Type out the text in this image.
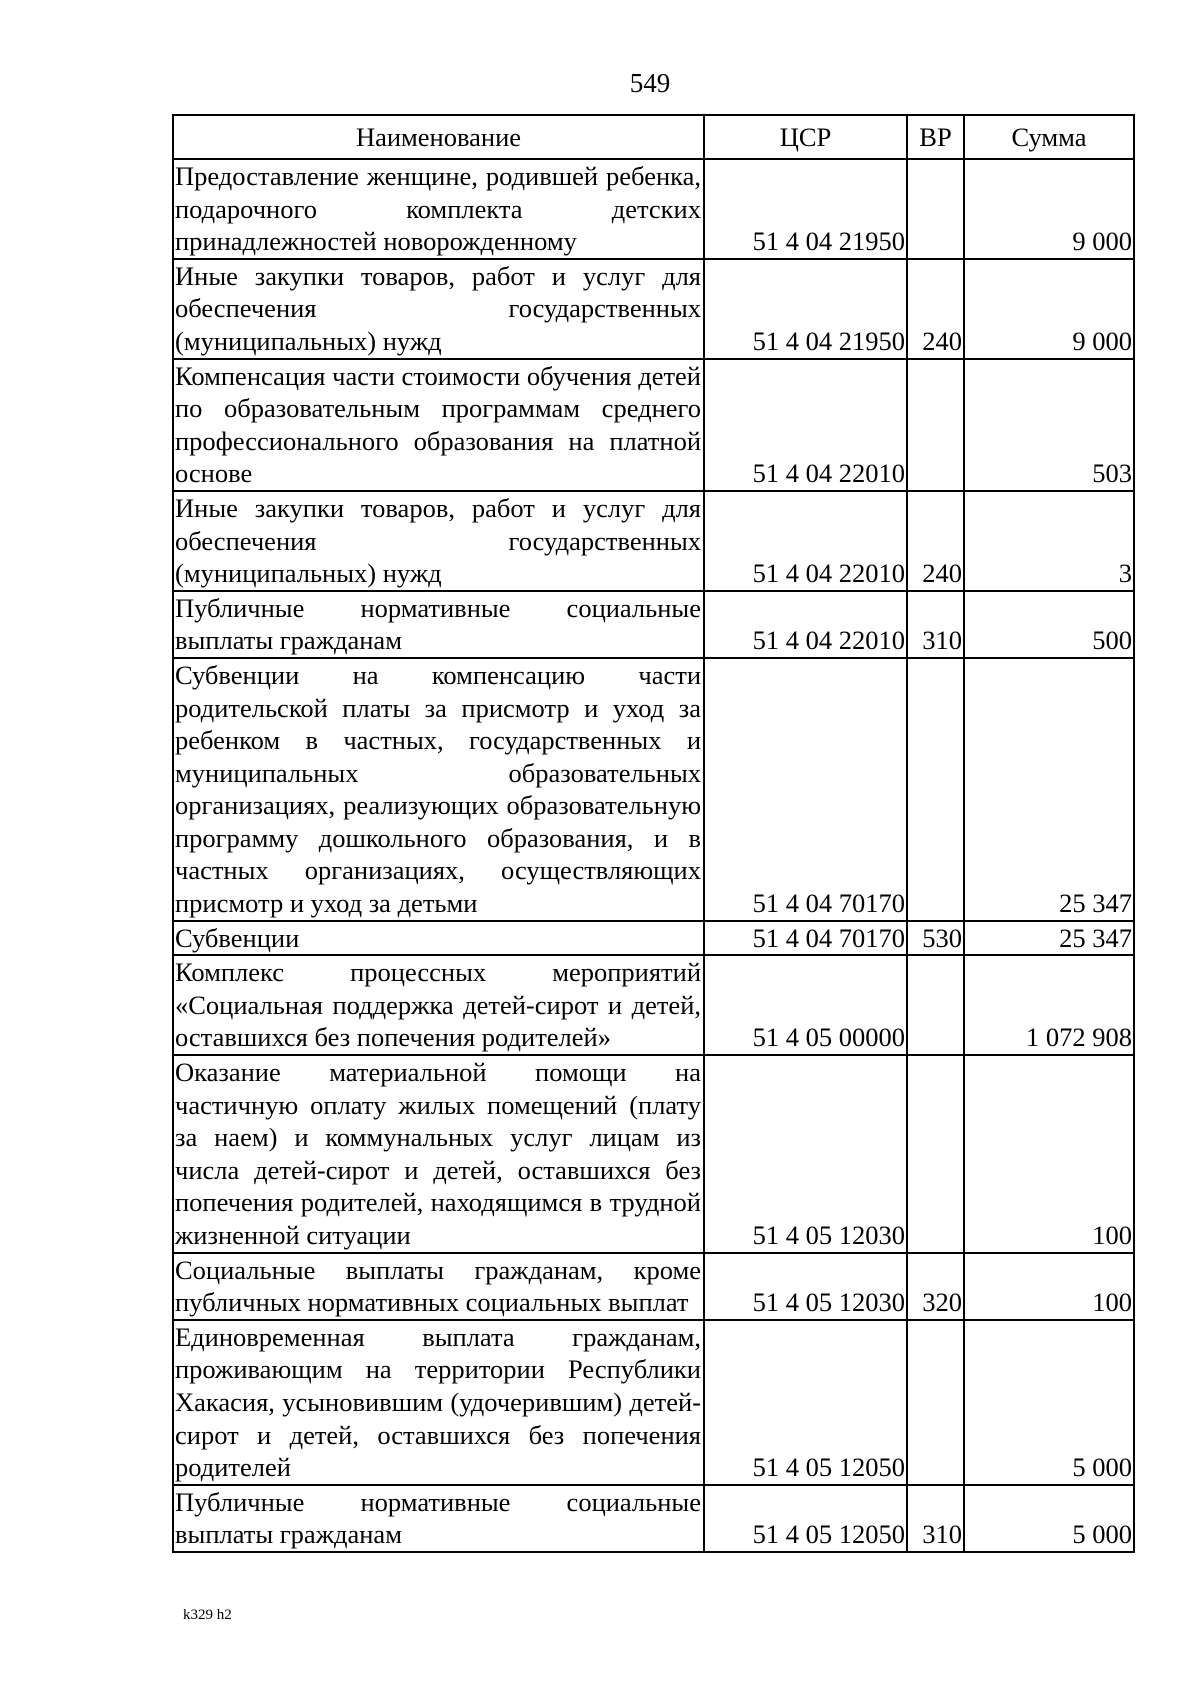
549
Наименование	ЦСР	ВР	Сумма
Предоставление женщине, родившей ребенка, подарочного комплекта детских принадлежностей новорожденному	51 4 04 21950		9 000
Иные закупки товаров, работ и услуг для обеспечения государственных (муниципальных) нужд	51 4 04 21950	240	9 000
Компенсация части стоимости обучения детей по образовательным программам среднего профессионального образования на платной основе	51 4 04 22010		503
Иные закупки товаров, работ и услуг для обеспечения государственных (муниципальных) нужд	51 4 04 22010	240	3
Публичные нормативные социальные выплаты гражданам	51 4 04 22010	310	500
Субвенции на компенсацию части родительской платы за присмотр и уход за ребенком в частных, государственных и муниципальных образовательных организациях, реализующих образовательную программу дошкольного образования, и в частных организациях, осуществляющих присмотр и уход за детьми	51 4 04 70170		25 347
Субвенции	51 4 04 70170	530	25 347
Комплекс процессных мероприятий «Социальная поддержка детей-сирот и детей, оставшихся без попечения родителей»	51 4 05 00000		1 072 908
Оказание материальной помощи на частичную оплату жилых помещений (плату за наем) и коммунальных услуг лицам из числа детей-сирот и детей, оставшихся без попечения родителей, находящимся в трудной жизненной ситуации	51 4 05 12030		100
Социальные выплаты гражданам, кроме публичных нормативных социальных выплат	51 4 05 12030	320	100
Единовременная выплата гражданам, проживающим на территории Республики Хакасия, усыновившим (удочерившим) детей-сирот и детей, оставшихся без попечения родителей	51 4 05 12050		5 000
Публичные нормативные социальные выплаты гражданам	51 4 05 12050	310	5 000
k329 h2
